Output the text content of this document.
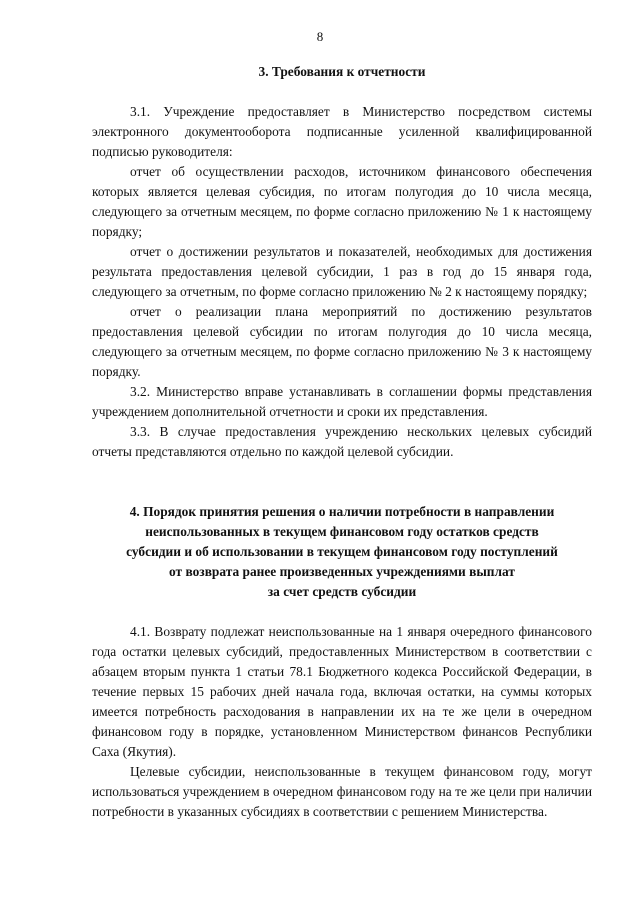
8
3. Требования к отчетности

3.1. Учреждение предоставляет в Министерство посредством системы электронного документооборота подписанные усиленной квалифицированной подписью руководителя:

отчет об осуществлении расходов, источником финансового обеспечения которых является целевая субсидия, по итогам полугодия до 10 числа месяца, следующего за отчетным месяцем, по форме согласно приложению № 1 к настоящему порядку;

отчет о достижении результатов и показателей, необходимых для достижения результата предоставления целевой субсидии, 1 раз в год до 15 января года, следующего за отчетным, по форме согласно приложению № 2 к настоящему порядку;

отчет о реализации плана мероприятий по достижению результатов предоставления целевой субсидии по итогам полугодия до 10 числа месяца, следующего за отчетным месяцем, по форме согласно приложению № 3 к настоящему порядку.

3.2. Министерство вправе устанавливать в соглашении формы представления учреждением дополнительной отчетности и сроки их представления.

3.3. В случае предоставления учреждению нескольких целевых субсидий отчеты представляются отдельно по каждой целевой субсидии.

4. Порядок принятия решения о наличии потребности в направлении
неиспользованных в текущем финансовом году остатков средств
субсидии и об использовании в текущем финансовом году поступлений
от возврата ранее произведенных учреждениями выплат
за счет средств субсидии

4.1. Возврату подлежат неиспользованные на 1 января очередного финансового года остатки целевых субсидий, предоставленных Министерством в соответствии с абзацем вторым пункта 1 статьи 78.1 Бюджетного кодекса Российской Федерации, в течение первых 15 рабочих дней начала года, включая остатки, на суммы которых имеется потребность расходования в направлении их на те же цели в очередном финансовом году в порядке, установленном Министерством финансов Республики Саха (Якутия).

Целевые субсидии, неиспользованные в текущем финансовом году, могут использоваться учреждением в очередном финансовом году на те же цели при наличии потребности в указанных субсидиях в соответствии с решением Министерства.
